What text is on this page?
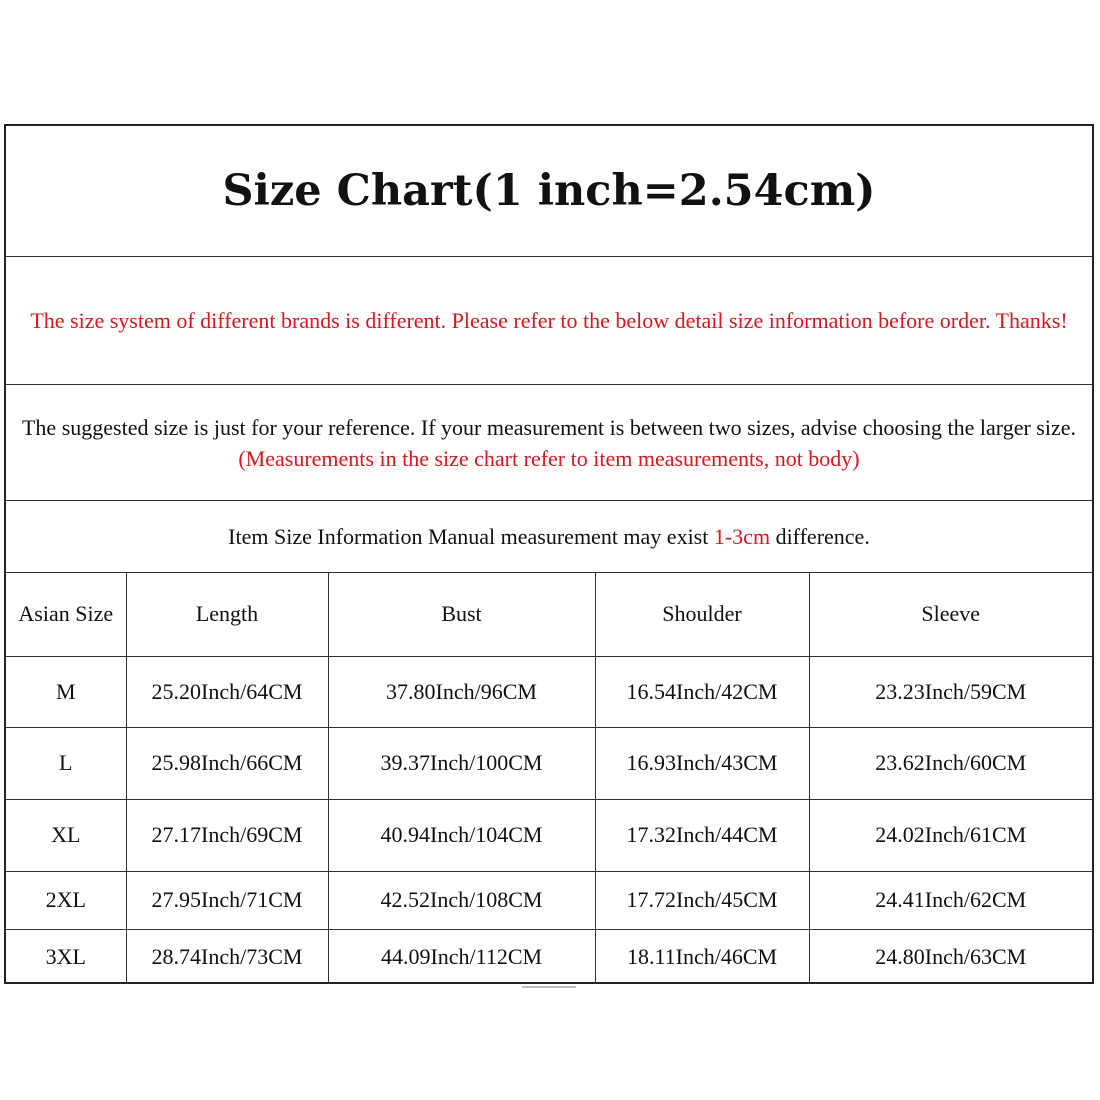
Size Chart(1 inch=2.54cm)
The size system of different brands is different. Please refer to the below detail size information before order. Thanks!
The suggested size is just for your reference. If your measurement is between two sizes, advise choosing the larger size. (Measurements in the size chart refer to item measurements, not body)
Item Size Information Manual measurement may exist 1-3cm difference.
Asian Size	Length	Bust	Shoulder	Sleeve
M	25.20Inch/64CM	37.80Inch/96CM	16.54Inch/42CM	23.23Inch/59CM
L	25.98Inch/66CM	39.37Inch/100CM	16.93Inch/43CM	23.62Inch/60CM
XL	27.17Inch/69CM	40.94Inch/104CM	17.32Inch/44CM	24.02Inch/61CM
2XL	27.95Inch/71CM	42.52Inch/108CM	17.72Inch/45CM	24.41Inch/62CM
3XL	28.74Inch/73CM	44.09Inch/112CM	18.11Inch/46CM	24.80Inch/63CM
